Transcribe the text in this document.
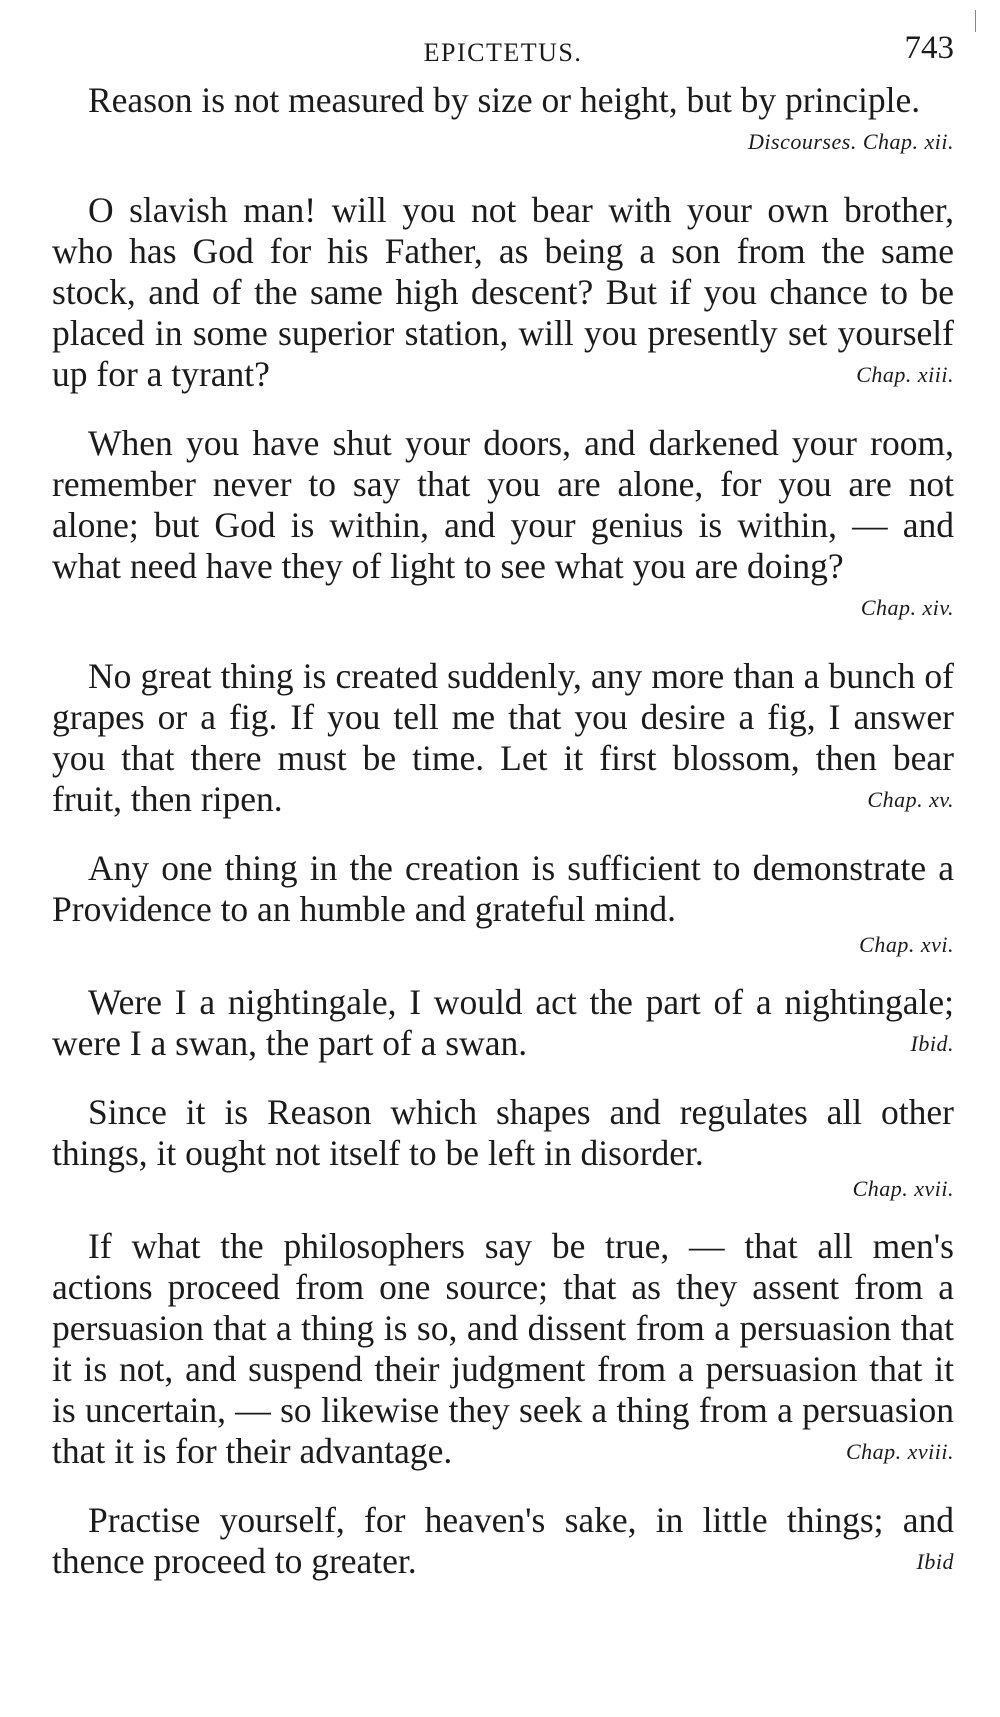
EPICTETUS.	743

Reason is not measured by size or height, but by principle.
Discourses. Chap. xii.

O slavish man! will you not bear with your own brother, who has God for his Father, as being a son from the same stock, and of the same high descent? But if you chance to be placed in some superior station, will you presently set yourself up for a tyrant?	Chap. xiii.

When you have shut your doors, and darkened your room, remember never to say that you are alone, for you are not alone; but God is within, and your genius is within, — and what need have they of light to see what you are doing?
Chap. xiv.

No great thing is created suddenly, any more than a bunch of grapes or a fig. If you tell me that you desire a fig, I answer you that there must be time. Let it first blossom, then bear fruit, then ripen.	Chap. xv.

Any one thing in the creation is sufficient to demonstrate a Providence to an humble and grateful mind.
Chap. xvi.

Were I a nightingale, I would act the part of a nightingale; were I a swan, the part of a swan.	Ibid.

Since it is Reason which shapes and regulates all other things, it ought not itself to be left in disorder.
Chap. xvii.

If what the philosophers say be true, — that all men's actions proceed from one source; that as they assent from a persuasion that a thing is so, and dissent from a persuasion that it is not, and suspend their judgment from a persuasion that it is uncertain, — so likewise they seek a thing from a persuasion that it is for their advantage.	Chap. xviii.

Practise yourself, for heaven's sake, in little things; and thence proceed to greater.	Ibid
